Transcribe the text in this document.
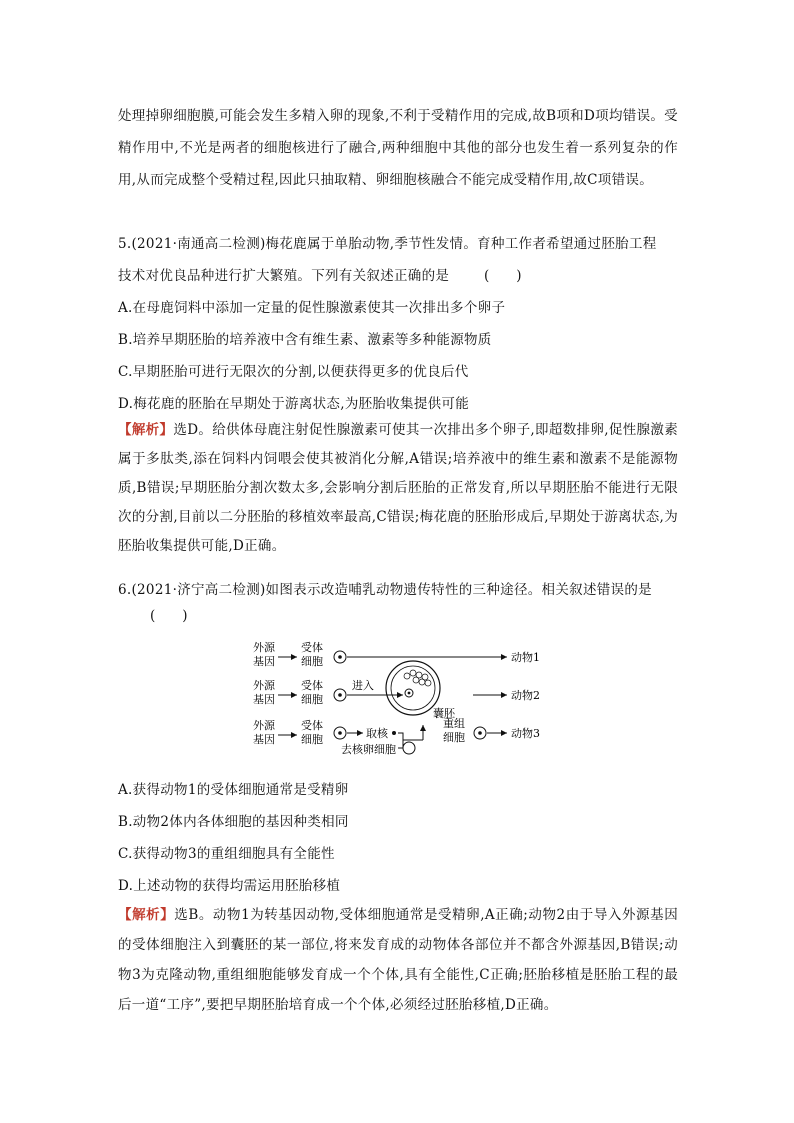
处理掉卵细胞膜,可能会发生多精入卵的现象,不利于受精作用的完成,故B项和D项均错误。受精作用中,不光是两者的细胞核进行了融合,两种细胞中其他的部分也发生着一系列复杂的作用,从而完成整个受精过程,因此只抽取精、卵细胞核融合不能完成受精作用,故C项错误。
5.(2021·南通高二检测)梅花鹿属于单胎动物,季节性发情。育种工作者希望通过胚胎工程
技术对优良品种进行扩大繁殖。下列有关叙述正确的是	(　　)
A.在母鹿饲料中添加一定量的促性腺激素使其一次排出多个卵子
B.培养早期胚胎的培养液中含有维生素、激素等多种能源物质
C.早期胚胎可进行无限次的分割,以便获得更多的优良后代
D.梅花鹿的胚胎在早期处于游离状态,为胚胎收集提供可能
【解析】选D。给供体母鹿注射促性腺激素可使其一次排出多个卵子,即超数排卵,促性腺激素属于多肽类,添在饲料内饲喂会使其被消化分解,A错误;培养液中的维生素和激素不是能源物质,B错误;早期胚胎分割次数太多,会影响分割后胚胎的正常发育,所以早期胚胎不能进行无限次的分割,目前以二分胚胎的移植效率最高,C错误;梅花鹿的胚胎形成后,早期处于游离状态,为胚胎收集提供可能,D正确。
6.(2021·济宁高二检测)如图表示改造哺乳动物遗传特性的三种途径。相关叙述错误的是
(　　)
外源
基因
受体
细胞	动物1
外源
基因
受体
细胞
进入
囊胚
动物2
外源
基因
受体
细胞	取核
去核卵细胞
重组
细胞	动物3
A.获得动物1的受体细胞通常是受精卵
B.动物2体内各体细胞的基因种类相同
C.获得动物3的重组细胞具有全能性
D.上述动物的获得均需运用胚胎移植
【解析】选B。动物1为转基因动物,受体细胞通常是受精卵,A正确;动物2由于导入外源基因的受体细胞注入到囊胚的某一部位,将来发育成的动物体各部位并不都含外源基因,B错误;动物3为克隆动物,重组细胞能够发育成一个个体,具有全能性,C正确;胚胎移植是胚胎工程的最后一道“工序”,要把早期胚胎培育成一个个体,必须经过胚胎移植,D正确。
